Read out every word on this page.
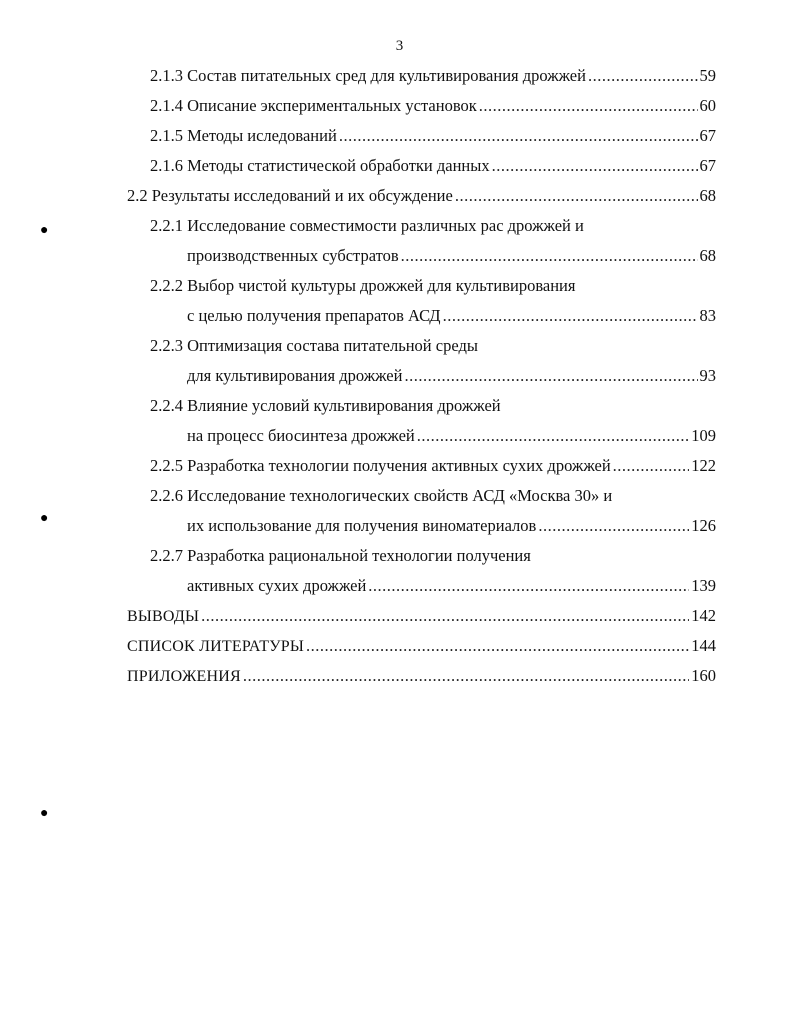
3
2.1.3 Состав питательных сред для культивирования дрожжей .....	59
2.1.4 Описание экспериментальных установок .....	60
2.1.5 Методы иследований .....	67
2.1.6 Методы статистической обработки данных .....	67
2.2 Результаты исследований и их обсуждение .....	68
2.2.1 Исследование совместимости различных рас дрожжей и
производственных субстратов .....	68
2.2.2 Выбор чистой культуры дрожжей для культивирования
с целью получения препаратов АСД .....	83
2.2.3 Оптимизация состава питательной среды
для культивирования дрожжей .....	93
2.2.4 Влияние условий культивирования дрожжей
на процесс биосинтеза дрожжей .....	109
2.2.5 Разработка технологии получения активных сухих дрожжей .....	122
2.2.6 Исследование технологических свойств АСД «Москва 30» и
их использование для получения виноматериалов .....	126
2.2.7 Разработка рациональной технологии получения
активных сухих дрожжей .....	139
ВЫВОДЫ .....	142
СПИСОК ЛИТЕРАТУРЫ .....	144
ПРИЛОЖЕНИЯ .....	160
●
●
●
